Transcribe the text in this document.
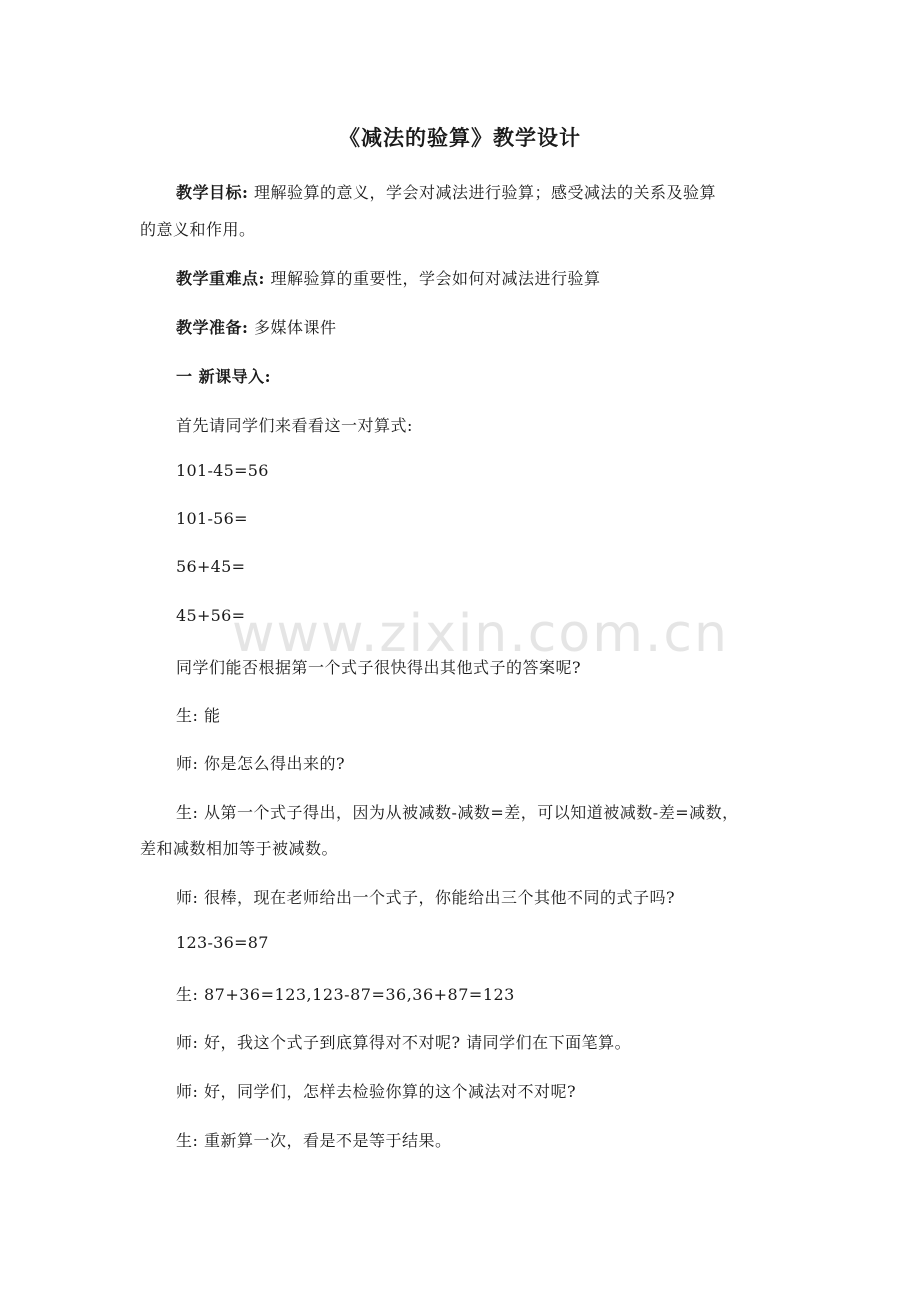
《减法的验算》教学设计
教学目标: 理解验算的意义，学会对减法进行验算；感受减法的关系及验算
的意义和作用。
教学重难点: 理解验算的重要性，学会如何对减法进行验算
教学准备: 多媒体课件
一 新课导入:
首先请同学们来看看这一对算式:
101-45=56
101-56=
56+45=
45+56=
同学们能否根据第一个式子很快得出其他式子的答案呢?
生: 能
师: 你是怎么得出来的?
生: 从第一个式子得出，因为从被减数-减数=差，可以知道被减数-差=减数，
差和减数相加等于被减数。
师: 很棒，现在老师给出一个式子，你能给出三个其他不同的式子吗?
123-36=87
生: 87+36=123,123-87=36,36+87=123
师: 好，我这个式子到底算得对不对呢? 请同学们在下面笔算。
师: 好，同学们，怎样去检验你算的这个减法对不对呢?
生: 重新算一次，看是不是等于结果。
www.zixin.com.cn
